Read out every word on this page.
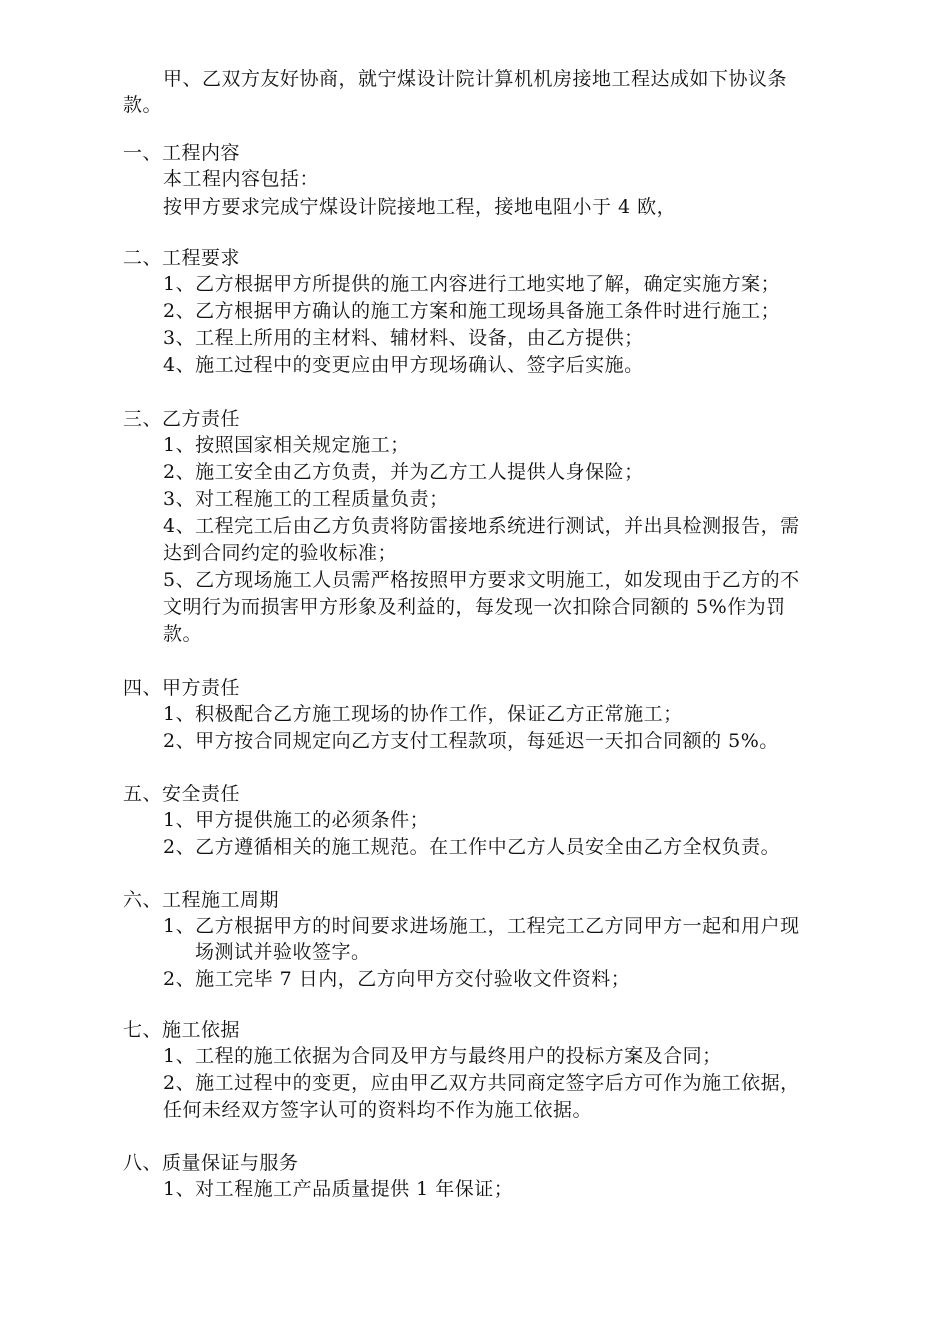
甲、乙双方友好协商，就宁煤设计院计算机机房接地工程达成如下协议条
款。
一、工程内容
本工程内容包括：
按甲方要求完成宁煤设计院接地工程，接地电阻小于 4 欧，
二、工程要求
1、乙方根据甲方所提供的施工内容进行工地实地了解，确定实施方案；
2、乙方根据甲方确认的施工方案和施工现场具备施工条件时进行施工；
3、工程上所用的主材料、辅材料、设备，由乙方提供；
4、施工过程中的变更应由甲方现场确认、签字后实施。
三、乙方责任
1、按照国家相关规定施工；
2、施工安全由乙方负责，并为乙方工人提供人身保险；
3、对工程施工的工程质量负责；
4、工程完工后由乙方负责将防雷接地系统进行测试，并出具检测报告，需
达到合同约定的验收标准；
5、乙方现场施工人员需严格按照甲方要求文明施工，如发现由于乙方的不
文明行为而损害甲方形象及利益的，每发现一次扣除合同额的 5%作为罚
款。
四、甲方责任
1、积极配合乙方施工现场的协作工作，保证乙方正常施工；
2、甲方按合同规定向乙方支付工程款项，每延迟一天扣合同额的 5%。
五、安全责任
1、甲方提供施工的必须条件；
2、乙方遵循相关的施工规范。在工作中乙方人员安全由乙方全权负责。
六、工程施工周期
1、乙方根据甲方的时间要求进场施工，工程完工乙方同甲方一起和用户现
场测试并验收签字。
2、施工完毕 7 日内，乙方向甲方交付验收文件资料；
七、施工依据
1、工程的施工依据为合同及甲方与最终用户的投标方案及合同；
2、施工过程中的变更，应由甲乙双方共同商定签字后方可作为施工依据，
任何未经双方签字认可的资料均不作为施工依据。
八、质量保证与服务
1、对工程施工产品质量提供 1 年保证；
